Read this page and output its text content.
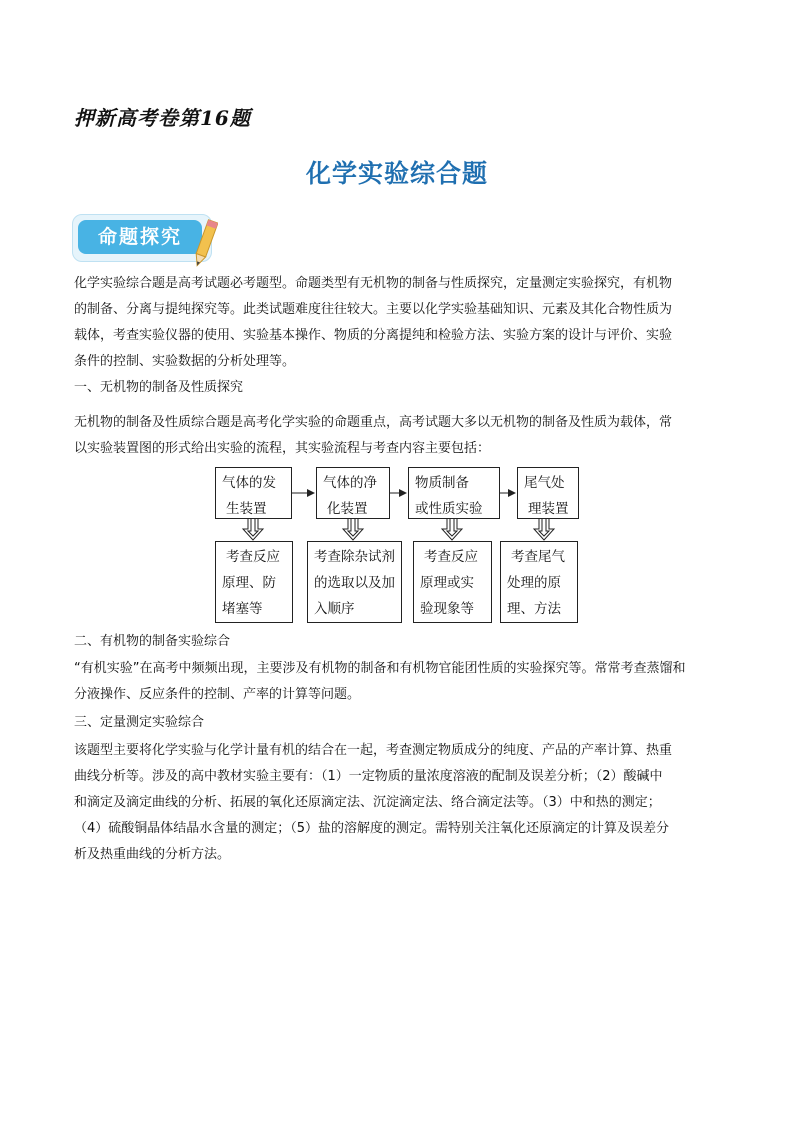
押新高考卷第16题
化学实验综合题
命题探究
化学实验综合题是高考试题必考题型。命题类型有无机物的制备与性质探究，定量测定实验探究，有机物
的制备、分离与提纯探究等。此类试题难度往往较大。主要以化学实验基础知识、元素及其化合物性质为
载体，考查实验仪器的使用、实验基本操作、物质的分离提纯和检验方法、实验方案的设计与评价、实验
条件的控制、实验数据的分析处理等。
一、无机物的制备及性质探究
无机物的制备及性质综合题是高考化学实验的命题重点，高考试题大多以无机物的制备及性质为载体，常
以实验装置图的形式给出实验的流程，其实验流程与考查内容主要包括：
气体的发
生装置
气体的净
化装置
物质制备
或性质实验
尾气处
理装置
考查反应
原理、防
堵塞等
考查除杂试剂
的选取以及加
入顺序
考查反应
原理或实
验现象等
考查尾气
处理的原
理、方法
二、有机物的制备实验综合
“有机实验”在高考中频频出现，主要涉及有机物的制备和有机物官能团性质的实验探究等。常常考查蒸馏和
分液操作、反应条件的控制、产率的计算等问题。
三、定量测定实验综合
该题型主要将化学实验与化学计量有机的结合在一起，考查测定物质成分的纯度、产品的产率计算、热重
曲线分析等。涉及的高中教材实验主要有：（1）一定物质的量浓度溶液的配制及误差分析；（2）酸碱中
和滴定及滴定曲线的分析、拓展的氧化还原滴定法、沉淀滴定法、络合滴定法等。（3）中和热的测定；
（4）硫酸铜晶体结晶水含量的测定；（5）盐的溶解度的测定。需特别关注氧化还原滴定的计算及误差分
析及热重曲线的分析方法。
